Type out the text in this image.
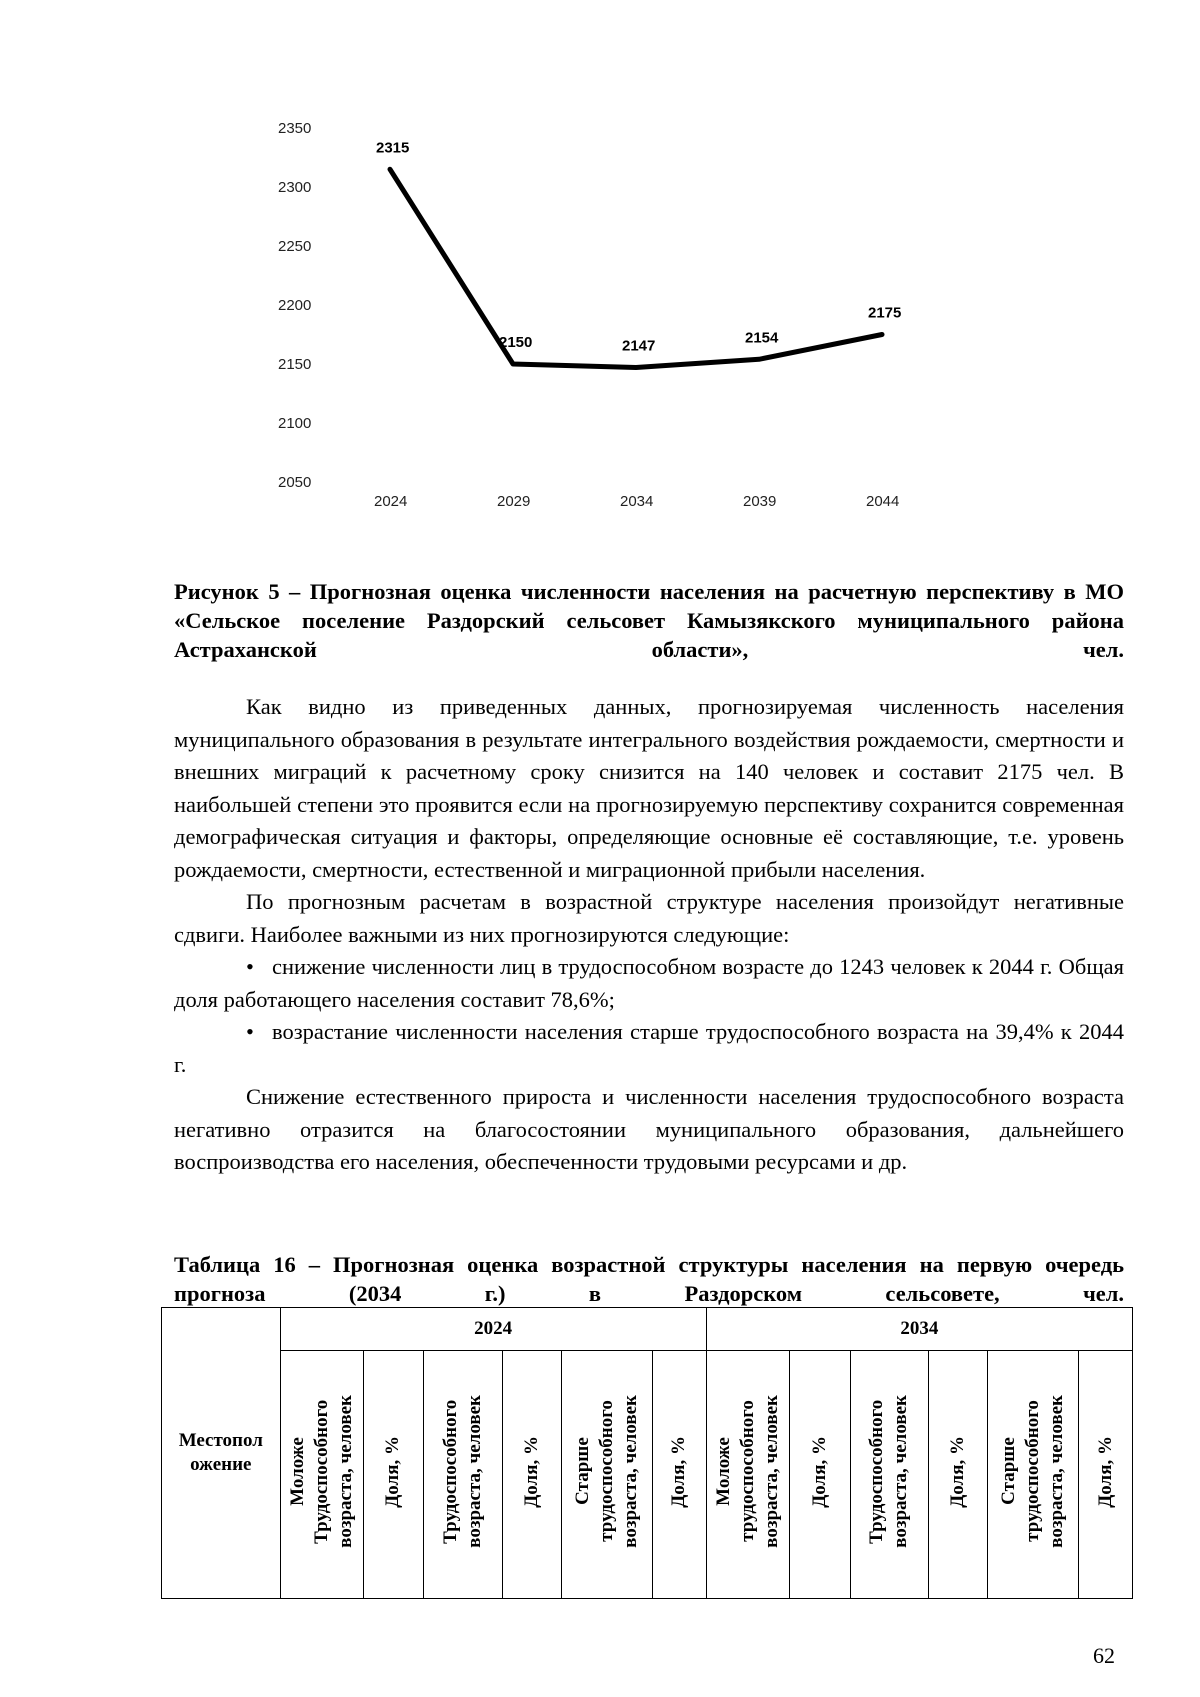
2350
2300
2250
2200
2150
2100
2050
2024	2029	2034	2039	2044
2315
2150	2147	2154
2175

Рисунок 5 – Прогнозная оценка численности населения на расчетную перспективу в МО «Сельское поселение Раздорский сельсовет Камызякского муниципального района Астраханской области», чел.

Как видно из приведенных данных, прогнозируемая численность населения муниципального образования в результате интегрального воздействия рождаемости, смертности и внешних миграций к расчетному сроку снизится на 140 человек и составит 2175 чел. В наибольшей степени это проявится если на прогнозируемую перспективу сохранится современная демографическая ситуация и факторы, определяющие основные её составляющие, т.е. уровень рождаемости, смертности, естественной и миграционной прибыли населения.

По прогнозным расчетам в возрастной структуре населения произойдут негативные сдвиги. Наиболее важными из них прогнозируются следующие:

• снижение численности лиц в трудоспособном возрасте до 1243 человек к 2044 г. Общая доля работающего населения составит 78,6%;

• возрастание численности населения старше трудоспособного возраста на 39,4% к 2044 г.

Снижение естественного прироста и численности населения трудоспособного возраста негативно отразится на благосостоянии муниципального образования, дальнейшего воспроизводства его населения, обеспеченности трудовыми ресурсами и др.

Таблица 16 – Прогнозная оценка возрастной структуры населения на первую очередь прогноза (2034 г.) в Раздорском сельсовете, чел.

Местопол
ожение	2024						2034					
	Моложе
Трудоспособного
возраста, человек	Доля, %	Трудоспособного
возраста, человек	Доля, %	Старше
трудоспособного
возраста, человек	Доля, %	Моложе
трудоспособного
возраста, человек	Доля, %	Трудоспособного
возраста, человек	Доля, %	Старше
трудоспособного
возраста, человек	Доля, %
62
